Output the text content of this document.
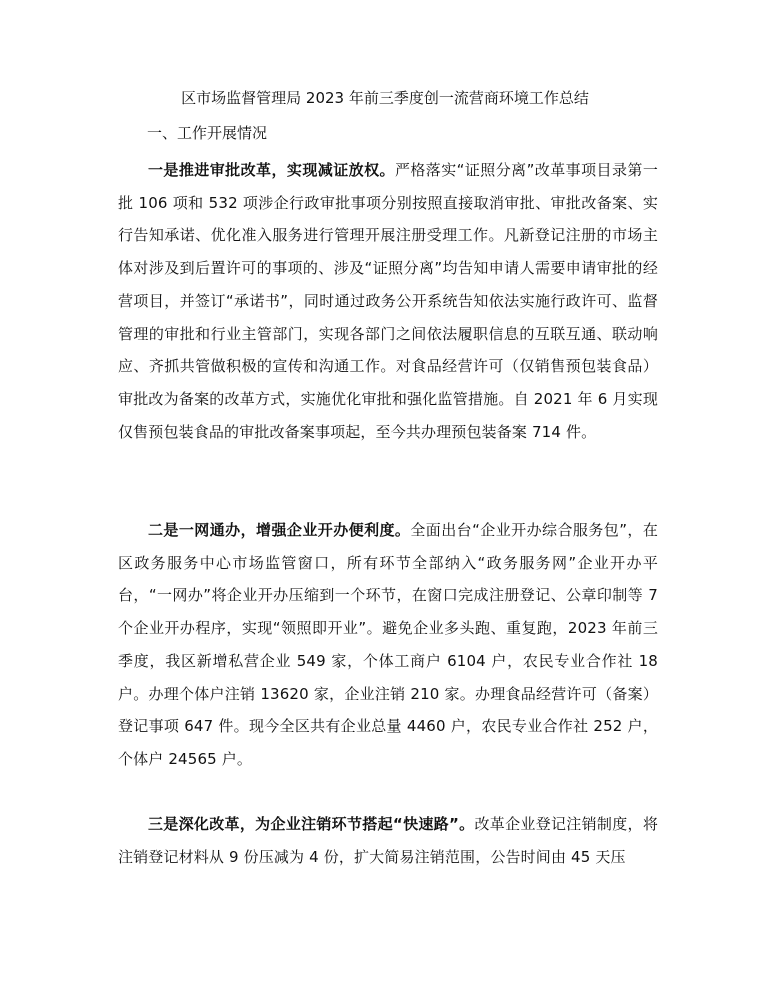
区市场监督管理局 2023 年前三季度创一流营商环境工作总结
一、工作开展情况

一是推进审批改革，实现减证放权。严格落实“证照分离”改革事项目录第一批 106 项和 532 项涉企行政审批事项分别按照直接取消审批、审批改备案、实行告知承诺、优化准入服务进行管理开展注册受理工作。凡新登记注册的市场主体对涉及到后置许可的事项的、涉及“证照分离”均告知申请人需要申请审批的经营项目，并签订“承诺书”，同时通过政务公开系统告知依法实施行政许可、监督管理的审批和行业主管部门，实现各部门之间依法履职信息的互联互通、联动响应、齐抓共管做积极的宣传和沟通工作。对食品经营许可（仅销售预包装食品）审批改为备案的改革方式，实施优化审批和强化监管措施。自 2021 年 6 月实现仅售预包装食品的审批改备案事项起，至今共办理预包装备案 714 件。

二是一网通办，增强企业开办便利度。全面出台“企业开办综合服务包”，在区政务服务中心市场监管窗口，所有环节全部纳入“政务服务网”企业开办平台，“一网办”将企业开办压缩到一个环节，在窗口完成注册登记、公章印制等 7 个企业开办程序，实现“领照即开业”。避免企业多头跑、重复跑，2023 年前三季度，我区新增私营企业 549 家，个体工商户 6104 户，农民专业合作社 18 户。办理个体户注销 13620 家，企业注销 210 家。办理食品经营许可（备案）登记事项 647 件。现今全区共有企业总量 4460 户，农民专业合作社 252 户，个体户 24565 户。

三是深化改革，为企业注销环节搭起“快速路”。改革企业登记注销制度，将注销登记材料从 9 份压减为 4 份，扩大简易注销范围，公告时间由 45 天压
